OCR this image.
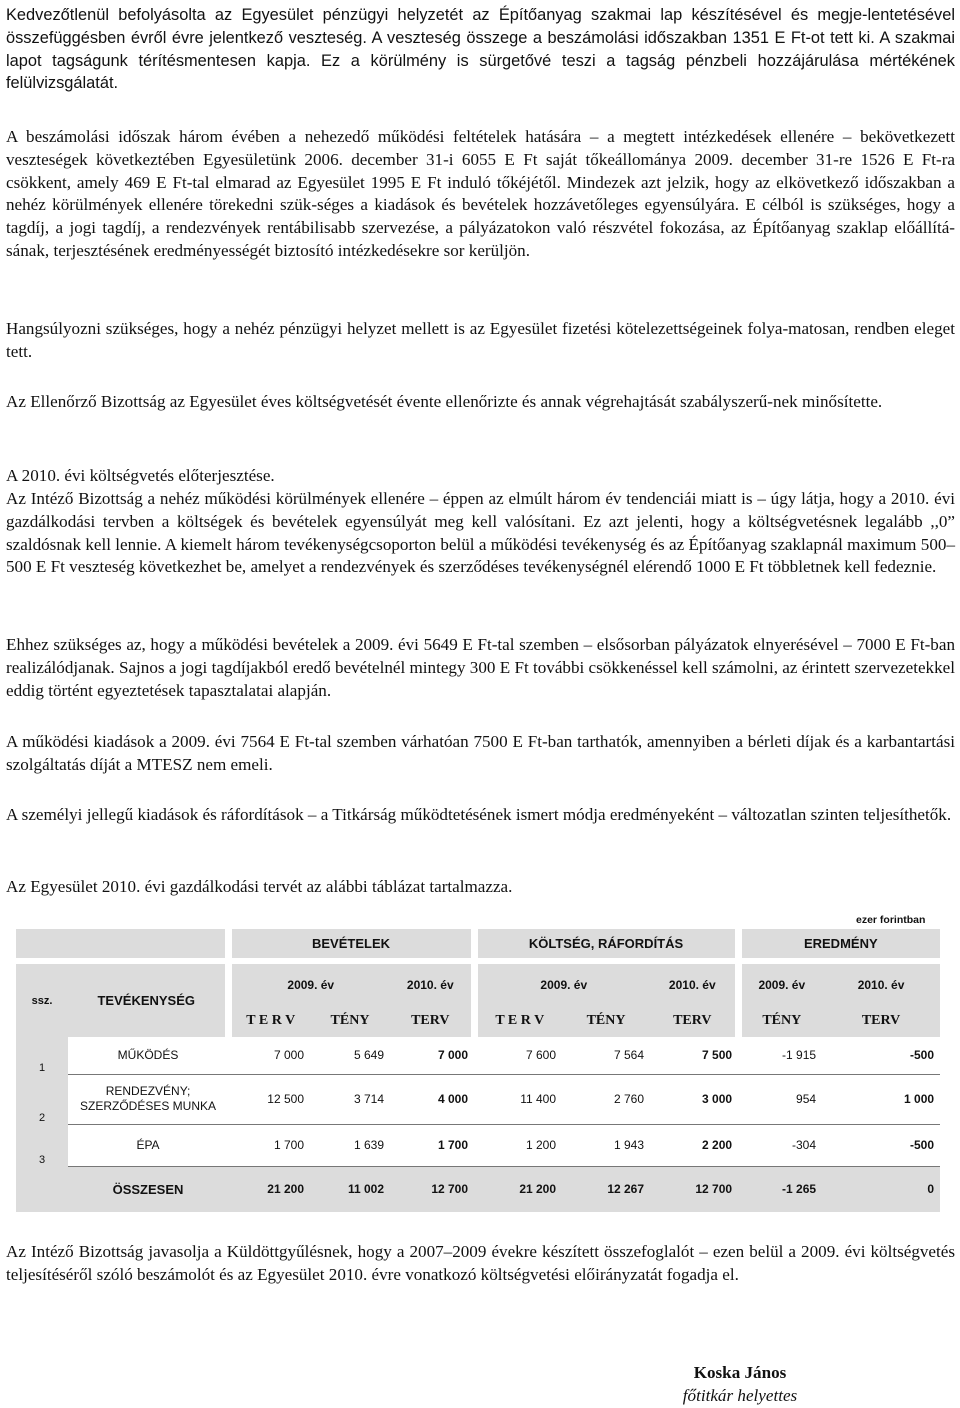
Kedvezőtlenül befolyásolta az Egyesület pénzügyi helyzetét az Építőanyag szakmai lap készítésével és megje-lentetésével összefüggésben évről évre jelentkező veszteség. A veszteség összege a beszámolási időszakban 1351 E Ft-ot tett ki. A szakmai lapot tagságunk térítésmentesen kapja. Ez a körülmény is sürgetővé teszi a tagság pénzbeli hozzájárulása mértékének felülvizsgálatát.

A beszámolási időszak három évében a nehezedő működési feltételek hatására – a megtett intézkedések ellenére – bekövetkezett veszteségek következtében Egyesületünk 2006. december 31-i 6055 E Ft saját tőkeállománya 2009. december 31-re 1526 E Ft-ra csökkent, amely 469 E Ft-tal elmarad az Egyesület 1995 E Ft induló tőkéjétől. Mindezek azt jelzik, hogy az elkövetkező időszakban a nehéz körülmények ellenére törekedni szük-séges a kiadások és bevételek hozzávetőleges egyensúlyára. E célból is szükséges, hogy a tagdíj, a jogi tagdíj, a rendezvények rentábilisabb szervezése, a pályázatokon való részvétel fokozása, az Építőanyag szaklap előállítá-sának, terjesztésének eredményességét biztosító intézkedésekre sor kerüljön.

Hangsúlyozni szükséges, hogy a nehéz pénzügyi helyzet mellett is az Egyesület fizetési kötelezettségeinek folya-matosan, rendben eleget tett.

Az Ellenőrző Bizottság az Egyesület éves költségvetését évente ellenőrizte és annak végrehajtását szabályszerű-nek minősítette.

A 2010. évi költségvetés előterjesztése.

Az Intéző Bizottság a nehéz működési körülmények ellenére – éppen az elmúlt három év tendenciái miatt is – úgy látja, hogy a 2010. évi gazdálkodási tervben a költségek és bevételek egyensúlyát meg kell valósítani. Ez azt jelenti, hogy a költségvetésnek legalább ,,0” szaldósnak kell lennie. A kiemelt három tevékenységcsoporton belül a működési tevékenység és az Építőanyag szaklapnál maximum 500–500 E Ft veszteség következhet be, amelyet a rendezvények és szerződéses tevékenységnél elérendő 1000 E Ft többletnek kell fedeznie.

Ehhez szükséges az, hogy a működési bevételek a 2009. évi 5649 E Ft-tal szemben – elsősorban pályázatok elnyerésével – 7000 E Ft-ban realizálódjanak. Sajnos a jogi tagdíjakból eredő bevételnél mintegy 300 E Ft további csökkenéssel kell számolni, az érintett szervezetekkel eddig történt egyeztetések tapasztalatai alapján.

A működési kiadások a 2009. évi 7564 E Ft-tal szemben várhatóan 7500 E Ft-ban tarthatók, amennyiben a bérleti díjak és a karbantartási szolgáltatás díját a MTESZ nem emeli.

A személyi jellegű kiadások és ráfordítások – a Titkárság működtetésének ismert módja eredményeként – változatlan szinten teljesíthetők.

Az Egyesület 2010. évi gazdálkodási tervét az alábbi táblázat tartalmazza.

ezer forintban
		BEVÉTELEK			KÖLTSÉG, RÁFORDÍTÁS			EREDMÉNY	
ssz.	TEVÉKENYSÉG	2009. év		2010. év	2009. év		2010. év	2009. év	2010. év
		T E R V	TÉNY	TERV	T E R V	TÉNY	TERV	TÉNY	TERV
1	MŰKÖDÉS	7 000	5 649	7 000	7 600	7 564	7 500	-1 915	-500
2	RENDEZVÉNY; SZERZŐDÉSES MUNKA	12 500	3 714	4 000	11 400	2 760	3 000	954	1 000
3	ÉPA	1 700	1 639	1 700	1 200	1 943	2 200	-304	-500
	ÖSSZESEN	21 200	11 002	12 700	21 200	12 267	12 700	-1 265	0

Az Intéző Bizottság javasolja a Küldöttgyűlésnek, hogy a 2007–2009 évekre készített összefoglalót – ezen belül a 2009. évi költségvetés teljesítéséről szóló beszámolót és az Egyesület 2010. évre vonatkozó költségvetési előirányzatát fogadja el.

Koska János
főtitkár helyettes
